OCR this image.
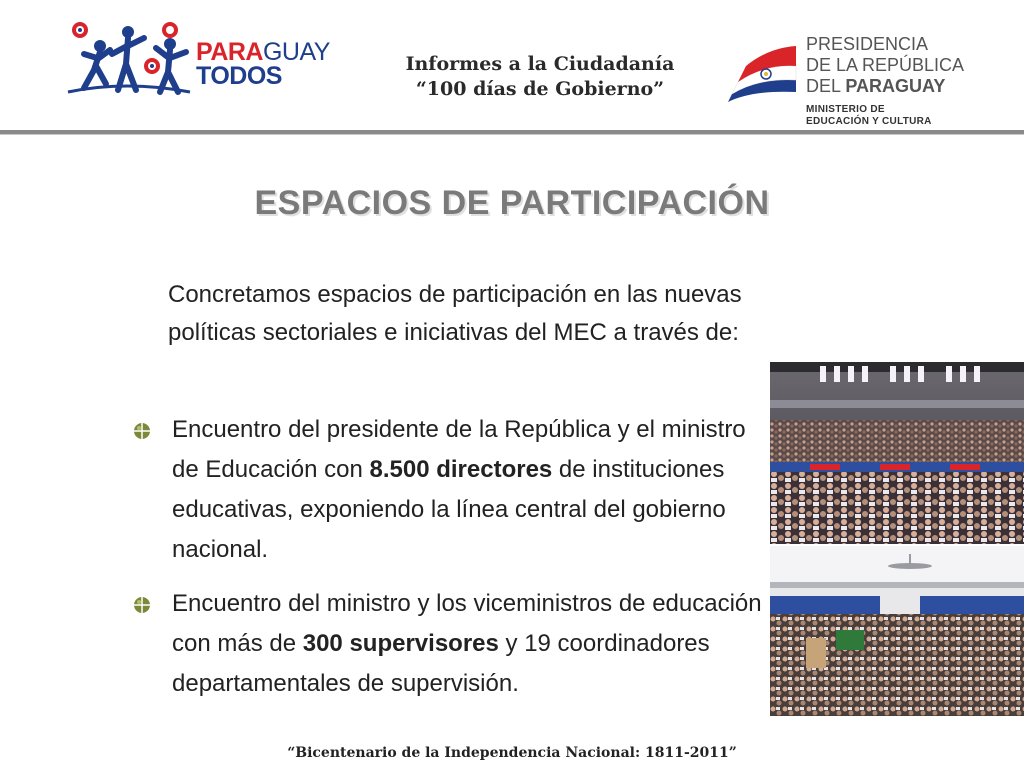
PARAGUAY
TODOS	Informes a la Ciudadanía
“100 días de Gobierno”
PRESIDENCIA
DE LA REPÚBLICA
DEL PARAGUAY
MINISTERIO DE
EDUCACIÓN Y CULTURA
ESPACIOS DE PARTICIPACIÓN
Concretamos espacios de participación en las nuevas
políticas sectoriales e iniciativas del MEC a través de:
Encuentro del presidente de la República y el ministro de Educación con 8.500 directores de instituciones educativas, exponiendo la línea central del gobierno nacional.
Encuentro del ministro y los viceministros de educación con más de 300 supervisores y 19 coordinadores departamentales de supervisión.
“Bicentenario de la Independencia Nacional: 1811-2011”
